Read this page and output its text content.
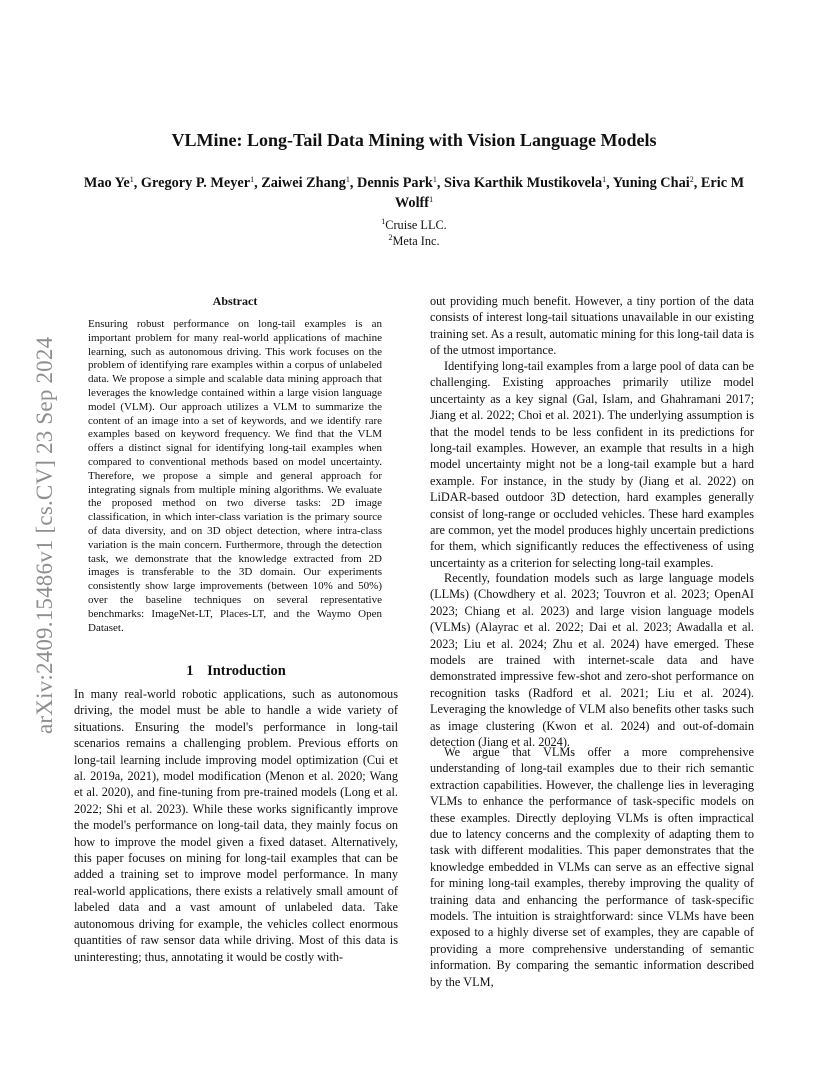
arXiv:2409.15486v1 [cs.CV] 23 Sep 2024
VLMine: Long-Tail Data Mining with Vision Language Models
Mao Ye$^1$, Gregory P. Meyer$^1$, Zaiwei Zhang$^1$, Dennis Park$^1$, Siva Karthik Mustikovela$^1$, Yuning Chai$^2$, Eric M Wolff$^1$
$^1$Cruise LLC.
$^2$Meta Inc.
Abstract

Ensuring robust performance on long-tail examples is an important problem for many real-world applications of machine learning, such as autonomous driving. This work focuses on the problem of identifying rare examples within a corpus of unlabeled data. We propose a simple and scalable data mining approach that leverages the knowledge contained within a large vision language model (VLM). Our approach utilizes a VLM to summarize the content of an image into a set of keywords, and we identify rare examples based on keyword frequency. We find that the VLM offers a distinct signal for identifying long-tail examples when compared to conventional methods based on model uncertainty. Therefore, we propose a simple and general approach for integrating signals from multiple mining algorithms. We evaluate the proposed method on two diverse tasks: 2D image classification, in which inter-class variation is the primary source of data diversity, and on 3D object detection, where intra-class variation is the main concern. Furthermore, through the detection task, we demonstrate that the knowledge extracted from 2D images is transferable to the 3D domain. Our experiments consistently show large improvements (between 10% and 50%) over the baseline techniques on several representative benchmarks: ImageNet-LT, Places-LT, and the Waymo Open Dataset.

1 Introduction

In many real-world robotic applications, such as autonomous driving, the model must be able to handle a wide variety of situations. Ensuring the model's performance in long-tail scenarios remains a challenging problem. Previous efforts on long-tail learning include improving model optimization (Cui et al. 2019a, 2021), model modification (Menon et al. 2020; Wang et al. 2020), and fine-tuning from pre-trained models (Long et al. 2022; Shi et al. 2023). While these works significantly improve the model's performance on long-tail data, they mainly focus on how to improve the model given a fixed dataset. Alternatively, this paper focuses on mining for long-tail examples that can be added a training set to improve model performance. In many real-world applications, there exists a relatively small amount of labeled data and a vast amount of unlabeled data. Take autonomous driving for example, the vehicles collect enormous quantities of raw sensor data while driving. Most of this data is uninteresting; thus, annotating it would be costly with-

out providing much benefit. However, a tiny portion of the data consists of interest long-tail situations unavailable in our existing training set. As a result, automatic mining for this long-tail data is of the utmost importance.

Identifying long-tail examples from a large pool of data can be challenging. Existing approaches primarily utilize model uncertainty as a key signal (Gal, Islam, and Ghahramani 2017; Jiang et al. 2022; Choi et al. 2021). The underlying assumption is that the model tends to be less confident in its predictions for long-tail examples. However, an example that results in a high model uncertainty might not be a long-tail example but a hard example. For instance, in the study by (Jiang et al. 2022) on LiDAR-based outdoor 3D detection, hard examples generally consist of long-range or occluded vehicles. These hard examples are common, yet the model produces highly uncertain predictions for them, which significantly reduces the effectiveness of using uncertainty as a criterion for selecting long-tail examples.

Recently, foundation models such as large language models (LLMs) (Chowdhery et al. 2023; Touvron et al. 2023; OpenAI 2023; Chiang et al. 2023) and large vision language models (VLMs) (Alayrac et al. 2022; Dai et al. 2023; Awadalla et al. 2023; Liu et al. 2024; Zhu et al. 2024) have emerged. These models are trained with internet-scale data and have demonstrated impressive few-shot and zero-shot performance on recognition tasks (Radford et al. 2021; Liu et al. 2024). Leveraging the knowledge of VLM also benefits other tasks such as image clustering (Kwon et al. 2024) and out-of-domain detection (Jiang et al. 2024).

We argue that VLMs offer a more comprehensive understanding of long-tail examples due to their rich semantic extraction capabilities. However, the challenge lies in leveraging VLMs to enhance the performance of task-specific models on these examples. Directly deploying VLMs is often impractical due to latency concerns and the complexity of adapting them to task with different modalities. This paper demonstrates that the knowledge embedded in VLMs can serve as an effective signal for mining long-tail examples, thereby improving the quality of training data and enhancing the performance of task-specific models. The intuition is straightforward: since VLMs have been exposed to a highly diverse set of examples, they are capable of providing a more comprehensive understanding of semantic information. By comparing the semantic information described by the VLM,
